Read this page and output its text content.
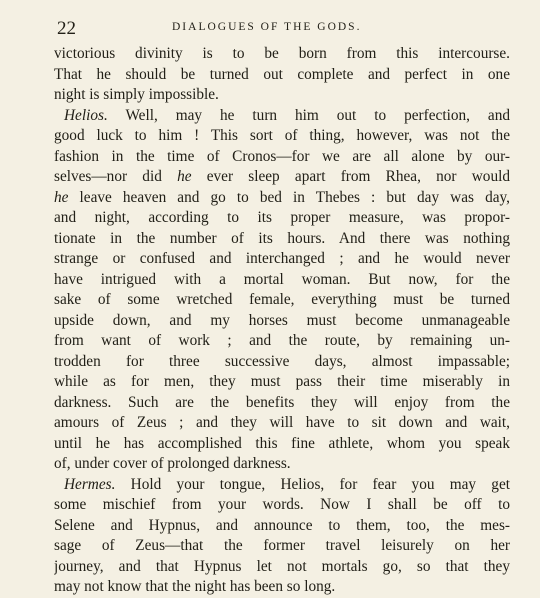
22	DIALOGUES OF THE GODS.
victorious divinity is to be born from this intercourse.
That he should be turned out complete and perfect in one
night is simply impossible.
Helios. Well, may he turn him out to perfection, and
good luck to him ! This sort of thing, however, was not the
fashion in the time of Cronos—for we are all alone by our-
selves—nor did he ever sleep apart from Rhea, nor would
he leave heaven and go to bed in Thebes : but day was day,
and night, according to its proper measure, was propor-
tionate in the number of its hours. And there was nothing
strange or confused and interchanged ; and he would never
have intrigued with a mortal woman. But now, for the
sake of some wretched female, everything must be turned
upside down, and my horses must become unmanageable
from want of work ; and the route, by remaining un-
trodden for three successive days, almost impassable;
while as for men, they must pass their time miserably in
darkness. Such are the benefits they will enjoy from the
amours of Zeus ; and they will have to sit down and wait,
until he has accomplished this fine athlete, whom you speak
of, under cover of prolonged darkness.
Hermes. Hold your tongue, Helios, for fear you may get
some mischief from your words. Now I shall be off to
Selene and Hypnus, and announce to them, too, the mes-
sage of Zeus—that the former travel leisurely on her
journey, and that Hypnus let not mortals go, so that they
may not know that the night has been so long.
